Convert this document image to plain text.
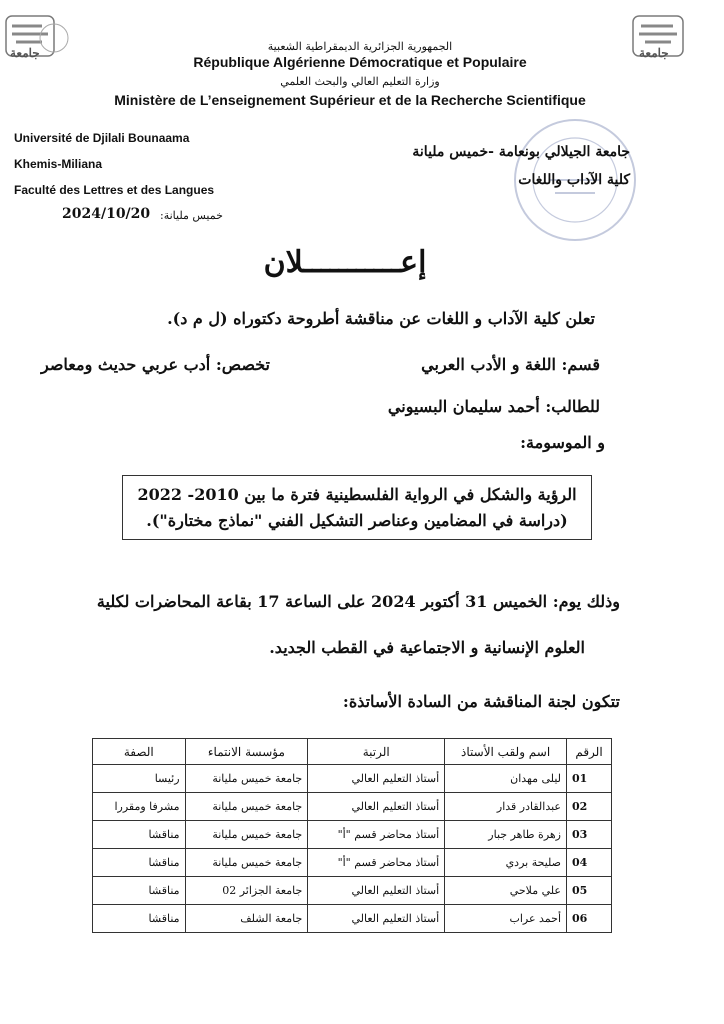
جامعة	جامعة
الجمهورية الجزائرية الديمقراطية الشعبية
République Algérienne Démocratique et Populaire
وزارة التعليم العالي والبحث العلمي
Ministère de L’enseignement Supérieur et de la Recherche Scientifique
Université de Djilali Bounaama
Khemis-Miliana
Faculté des Lettres et des Langues
جامعة الجيلالي بونعامة -خميس مليانة
كلية الآداب واللغات
خميس مليانة:
2024/10/20
إعـــــــــــلان
تعلن كلية الآداب و اللغات عن مناقشة أطروحة دكتوراه (ل م د).
قسم: اللغة و الأدب العربي
تخصص: أدب عربي حديث ومعاصر
للطالب: أحمد سليمان البسيوني
و الموسومة:
الرؤية والشكل في الرواية الفلسطينية فترة ما بين 2010- 2022
(دراسة في المضامين وعناصر التشكيل الفني "نماذج مختارة").
وذلك يوم: الخميس 31 أكتوبر 2024 على الساعة 17 بقاعة المحاضرات لكلية
العلوم الإنسانية و الاجتماعية في القطب الجديد.
تتكون لجنة المناقشة من السادة الأساتذة:
الرقم	اسم ولقب الأستاذ	الرتبة	مؤسسة الانتماء	الصفة
01	ليلى مهدان	أستاذ التعليم العالي	جامعة خميس مليانة	رئيسا
02	عبدالقادر قدار	أستاذ التعليم العالي	جامعة خميس مليانة	مشرفا ومقررا
03	زهرة طاهر جبار	أستاذ محاضر قسم "أ"	جامعة خميس مليانة	مناقشا
04	صليحة بردي	أستاذ محاضر قسم "أ"	جامعة خميس مليانة	مناقشا
05	علي ملاحي	أستاذ التعليم العالي	جامعة الجزائر 02	مناقشا
06	أحمد عراب	أستاذ التعليم العالي	جامعة الشلف	مناقشا
